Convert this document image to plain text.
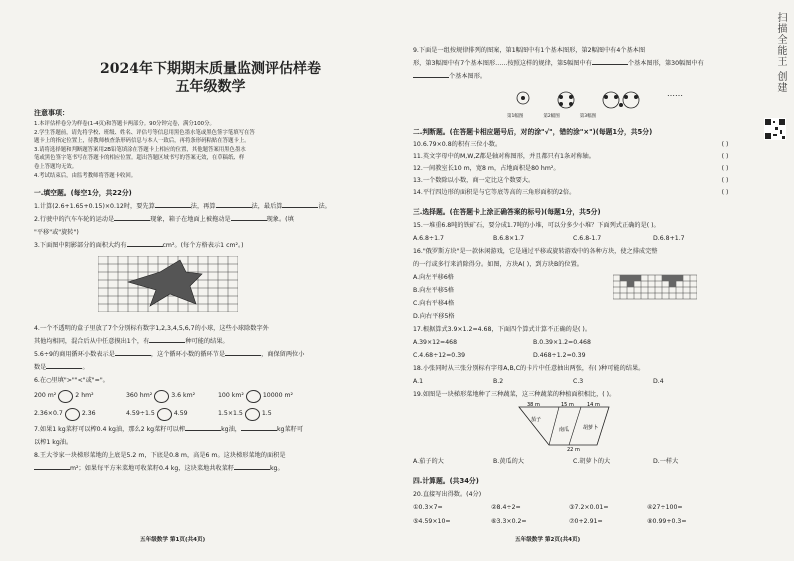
2024年下期期末质量监测评估样卷

五年级数学

注意事项：

1.本评估样卷分为样卷(1-4页)和答题卡两部分。90分钟完卷，满分100分。

2.学生答题前，请先将学校、班级、姓名、评估号等信息用黑色墨水笔或黑色签字笔填写在答

题卡上的指定位置上，待教师核查条形码信息与本人一致后，再将条形码粘贴在答题卡上。

3.请将选择题和判断题答案用2B铅笔填涂在答题卡上相应的位置，其他题答案用黑色墨水

笔或黑色签字笔书写在答题卡的相应位置。超出答题区域书写的答案无效，在草稿纸、样

卷上答题均无效。

4.考试结束后，由监考教师将答题卡收回。

一.填空题。(每空1分，共22分)

1.计算(2.6+1.65+0.15)×0.12时，要先算	法，再算	法，最后算	法。

2.行驶中的汽车车轮的运动是	现象，箱子在地面上被拖动是	现象。(填

"平移"或"旋转")

3.下面图中阴影部分的面积大约有	cm²。(每个方格表示1 cm²。)

4.一个不透明的盒子里放了7个分别标有数字1,2,3,4,5,6,7的小球，这些小球除数字外

其他均相同，混合后从中任意摸出1个，有	种可能的结果。

5.6÷9的商用循环小数表示是	，这个循环小数的循环节是	，商保留两位小

数是	。

6.在○里填">""<"或"="。

200 m²	2 hm²	360 hm²	3.6 km²	100 km²	10000 m²
2.36×0.7	2.36	4.59÷1.5	4.59	1.5×1.5	1.5

7.如果1 kg菜籽可以榨0.4 kg油，那么2 kg菜籽可以榨	kg油，	kg菜籽可

以榨1 kg油。

8.王大爷家一块梯形菜地的上底是5.2 m，下底是0.8 m，高是6 m。这块梯形菜地的面积是

m²；如果每平方米菜地可收菜籽0.4 kg，这块菜地共收菜籽	kg。

五年级数学 第1页(共4页)

9.下面是一组按规律排列的图案，第1幅图中有1个基本图形，第2幅图中有4个基本图

形，第3幅图中有7个基本图形……按照这样的规律，第5幅图中有	个基本图形，第30幅图中有

个基本图形。

……
第1幅图	第2幅图	第3幅图

二.判断题。(在答题卡相应题号后，对的涂"√"，错的涂"×")(每题1分，共5分)

10.6.79×0.8的积有三位小数。	( )
11.英文字母中的M,W,Z都是轴对称图形，并且都只有1条对称轴。	( )
12.一间教室长10 m，宽8 m，占地面积是80 hm²。	( )
13.一个数除以小数，商一定比这个数要大。	( )
14.平行四边形的面积是与它等底等高的三角形面积的2倍。	( )

三.选择题。(在答题卡上涂正确答案的标号)(每题1分，共5分)

15.一堆重6.8吨的铁矿石，要分成1.7吨的小堆，可以分多少小堆？下面列式正确的是( )。

A.6.8÷1.7	B.6.8×1.7	C.6.8-1.7	D.6.8+1.7

16."俄罗斯方块"是一款休闲游戏，它是通过平移或旋转游戏中的各种方块，使之排成完整

的一行或多行来消除得分。如图，方块A( )，到方块B的位置。

A.向左平移6格

B.向左平移5格

C.向右平移4格

D.向右平移5格

17.根据算式3.9×1.2=4.68，下面四个算式计算不正确的是( )。

A.39×12=468	B.0.39×1.2=0.468
C.4.68÷12=0.39	D.468÷1.2=0.39

18.小张同时从三张分别标有字母A,B,C的卡片中任意抽出两张，有( )种可能的结果。

A.1	B.2	C.3	D.4

19.如图是一块梯形菜地种了三种蔬菜，这三种蔬菜的种植面积相比，( )。

38 m	15 m	14 m
茄子
南瓜	胡萝卜
22 m
A.茄子的大	B.黄瓜的大	C.胡萝卜的大	D.一样大

四.计算题。(共34分)

20.直接写出得数。(4分)

①0.3×7=	②8.4÷2=	③7.2×0.01=	④27÷100=
⑤4.59×10=	⑥3.3×0.2=	⑦0+2.91=	⑧0.99+0.3=
五年级数学 第2页(共4页)
扫描全能王 创建
